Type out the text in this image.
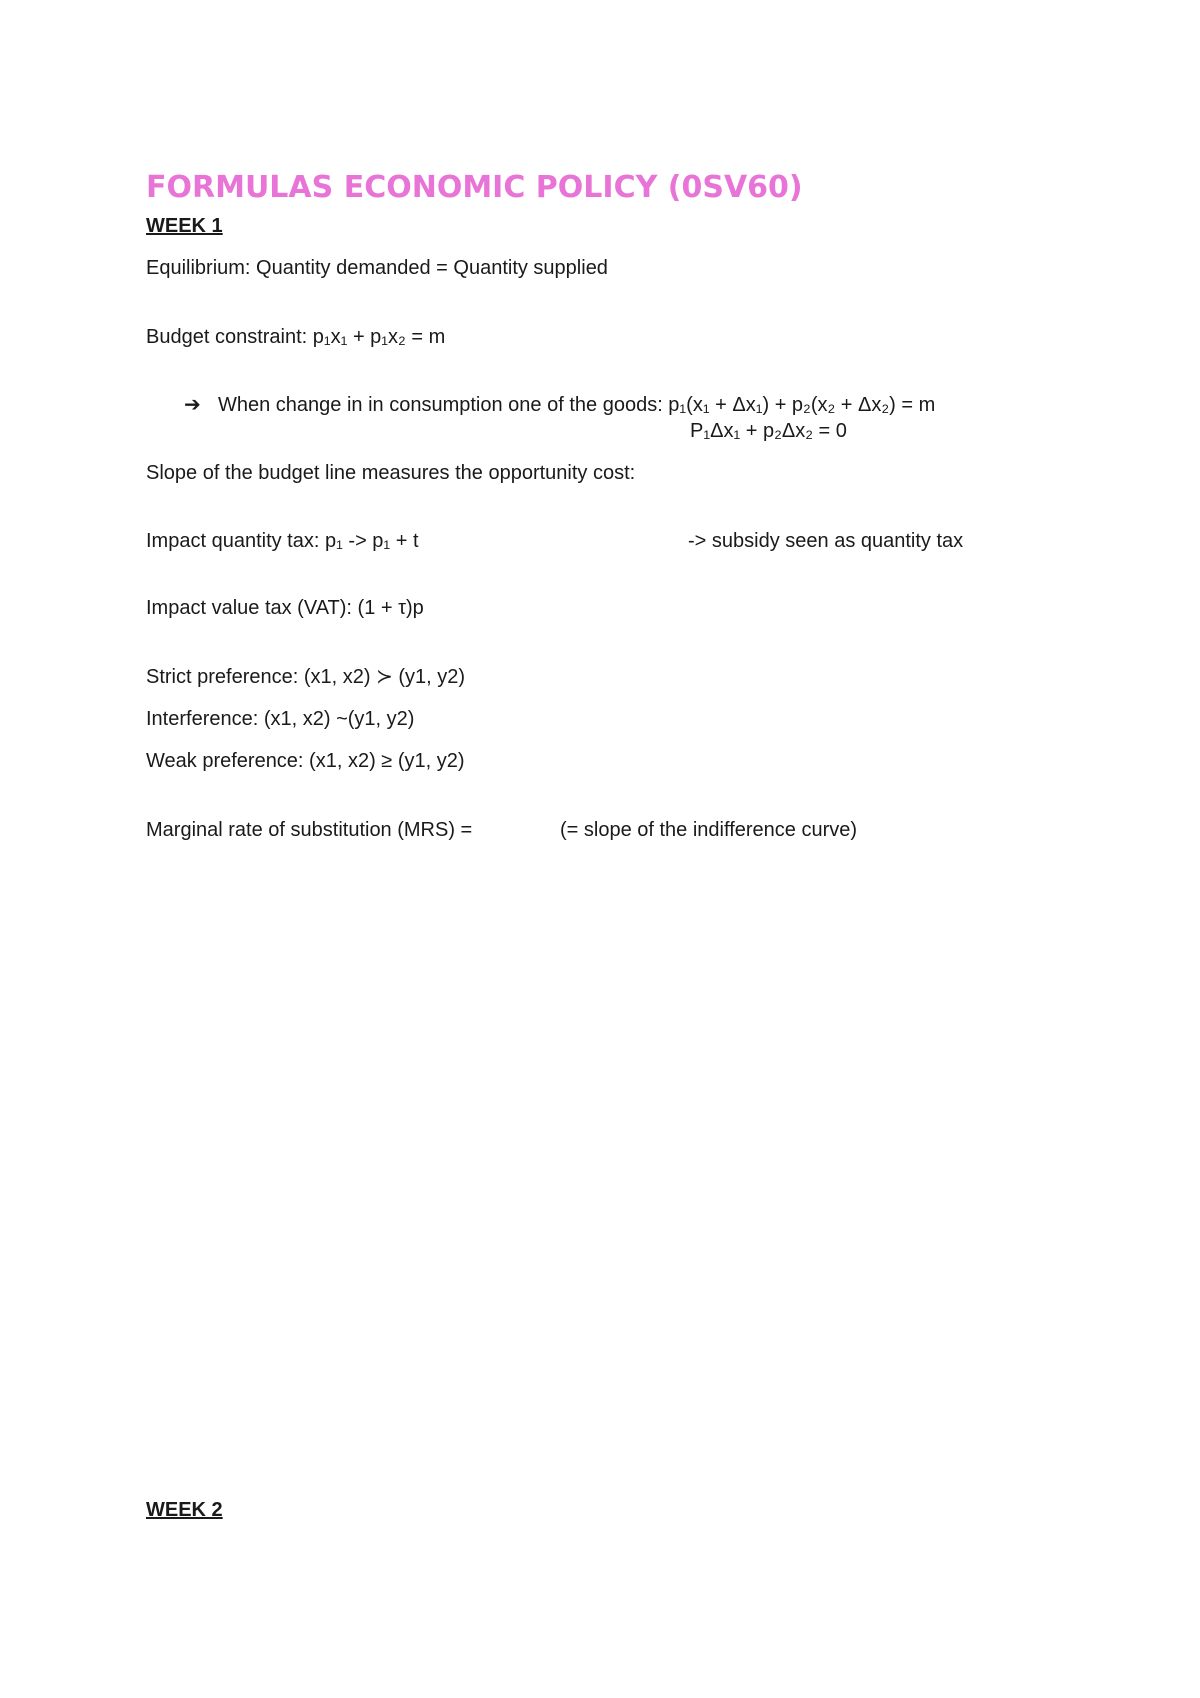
FORMULAS ECONOMIC POLICY (0SV60)
WEEK 1
Equilibrium: Quantity demanded = Quantity supplied
Budget constraint: p₁x₁ + p₁x₂ = m
➔ When change in in consumption one of the goods: p₁(x₁ + Δx₁) + p₂(x₂ + Δx₂) = m
P₁Δx₁ + p₂Δx₂ = 0
Slope of the budget line measures the opportunity cost:
Impact quantity tax: p₁ -> p₁ + t	-> subsidy seen as quantity tax
Impact value tax (VAT): (1 + τ)p
Strict preference: (x1, x2) ≻ (y1, y2)
Interference: (x1, x2) ~(y1, y2)
Weak preference: (x1, x2) ≥ (y1, y2)
Marginal rate of substitution (MRS) =	(= slope of the indifference curve)
WEEK 2
